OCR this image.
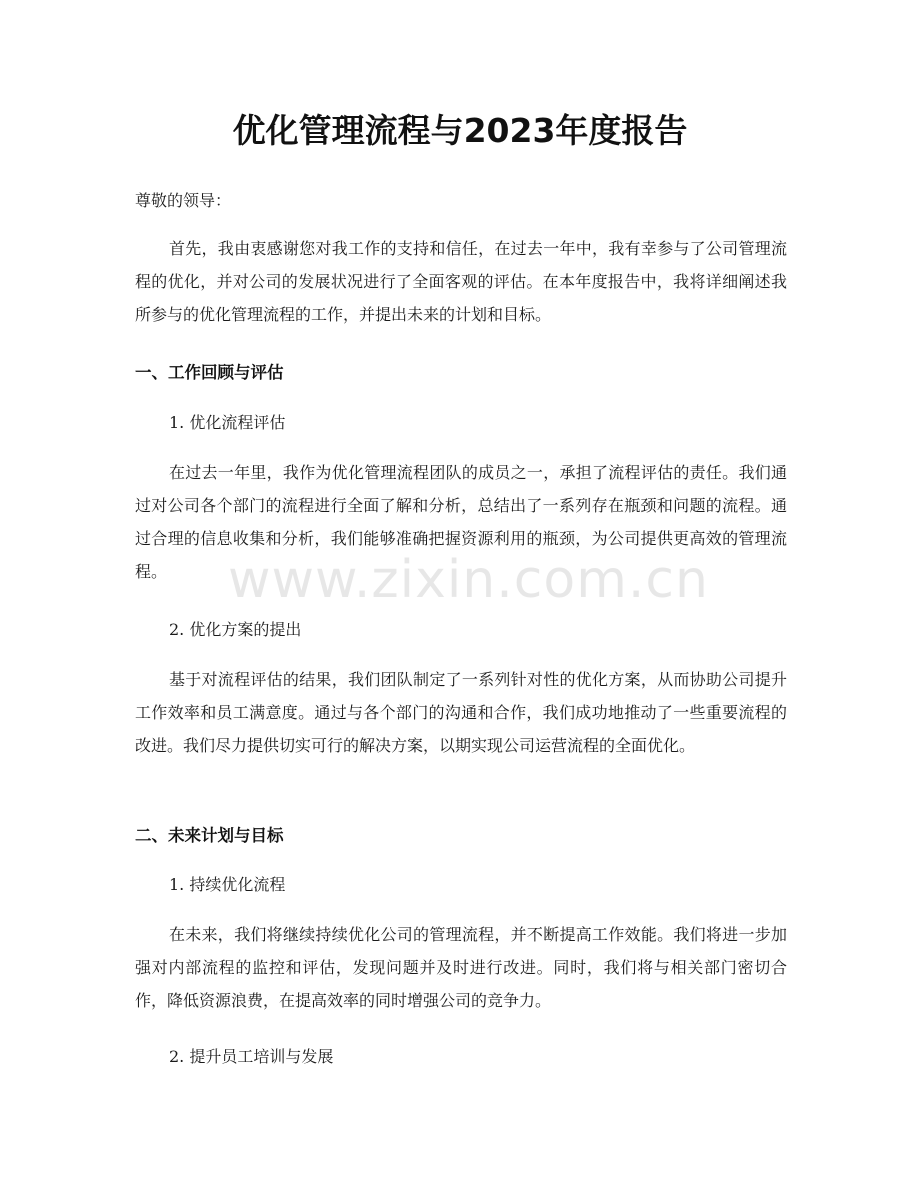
优化管理流程与2023年度报告

尊敬的领导：

首先，我由衷感谢您对我工作的支持和信任，在过去一年中，我有幸参与了公司管理流程的优化，并对公司的发展状况进行了全面客观的评估。在本年度报告中，我将详细阐述我所参与的优化管理流程的工作，并提出未来的计划和目标。

一、工作回顾与评估

1. 优化流程评估

在过去一年里，我作为优化管理流程团队的成员之一，承担了流程评估的责任。我们通过对公司各个部门的流程进行全面了解和分析，总结出了一系列存在瓶颈和问题的流程。通过合理的信息收集和分析，我们能够准确把握资源利用的瓶颈，为公司提供更高效的管理流程。

2. 优化方案的提出

基于对流程评估的结果，我们团队制定了一系列针对性的优化方案，从而协助公司提升工作效率和员工满意度。通过与各个部门的沟通和合作，我们成功地推动了一些重要流程的改进。我们尽力提供切实可行的解决方案，以期实现公司运营流程的全面优化。

二、未来计划与目标

1. 持续优化流程

在未来，我们将继续持续优化公司的管理流程，并不断提高工作效能。我们将进一步加强对内部流程的监控和评估，发现问题并及时进行改进。同时，我们将与相关部门密切合作，降低资源浪费，在提高效率的同时增强公司的竞争力。

2. 提升员工培训与发展

www.zixin.com.cn
